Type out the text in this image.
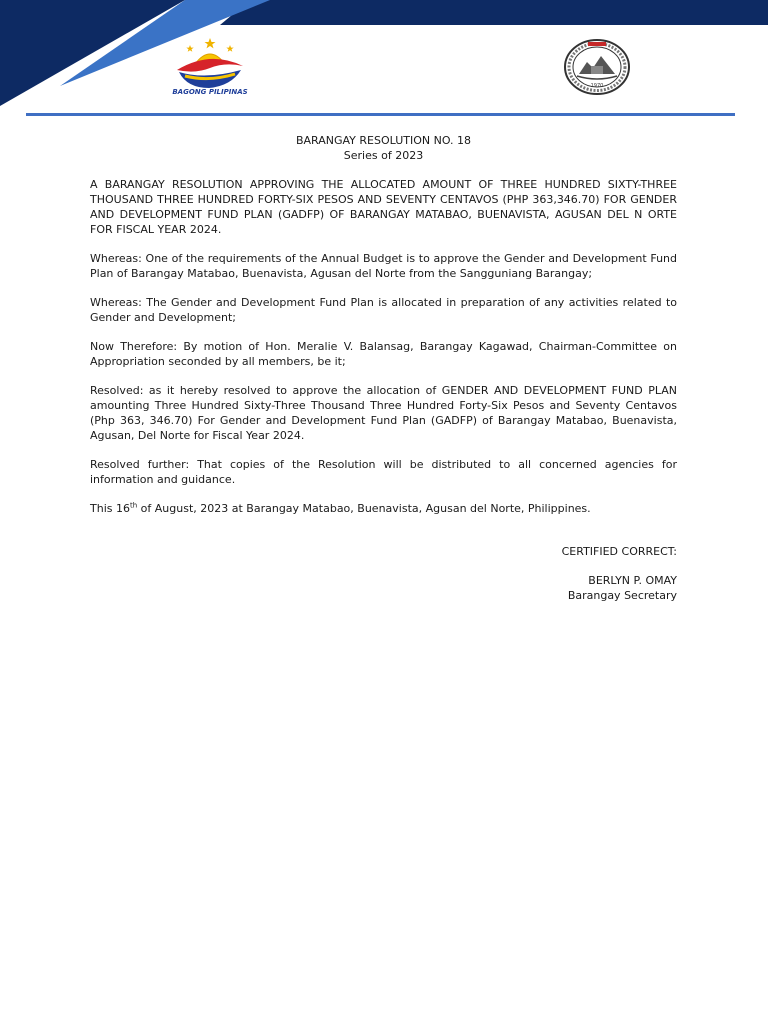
BAGONG PILIPINAS
1970
BARANGAY RESOLUTION NO. 18
Series of 2023

A BARANGAY RESOLUTION APPROVING THE ALLOCATED AMOUNT OF THREE HUNDRED SIXTY-THREE THOUSAND THREE HUNDRED FORTY-SIX PESOS AND SEVENTY CENTAVOS (PHP 363,346.70) FOR GENDER AND DEVELOPMENT FUND PLAN (GADFP) OF BARANGAY MATABAO, BUENAVISTA, AGUSAN DEL N ORTE FOR FISCAL YEAR 2024.

Whereas: One of the requirements of the Annual Budget is to approve the Gender and Development Fund Plan of Barangay Matabao, Buenavista, Agusan del Norte from the Sangguniang Barangay;

Whereas: The Gender and Development Fund Plan is allocated in preparation of any activities related to Gender and Development;

Now Therefore: By motion of Hon. Meralie V. Balansag, Barangay Kagawad, Chairman-Committee on Appropriation seconded by all members, be it;

Resolved: as it hereby resolved to approve the allocation of GENDER AND DEVELOPMENT FUND PLAN amounting Three Hundred Sixty-Three Thousand Three Hundred Forty-Six Pesos and Seventy Centavos (Php 363, 346.70) For Gender and Development Fund Plan (GADFP) of Barangay Matabao, Buenavista, Agusan, Del Norte for Fiscal Year 2024.

Resolved further: That copies of the Resolution will be distributed to all concerned agencies for information and guidance.

This 16th of August, 2023 at Barangay Matabao, Buenavista, Agusan del Norte, Philippines.

CERTIFIED CORRECT:
BERLYN P. OMAY
Barangay Secretary
